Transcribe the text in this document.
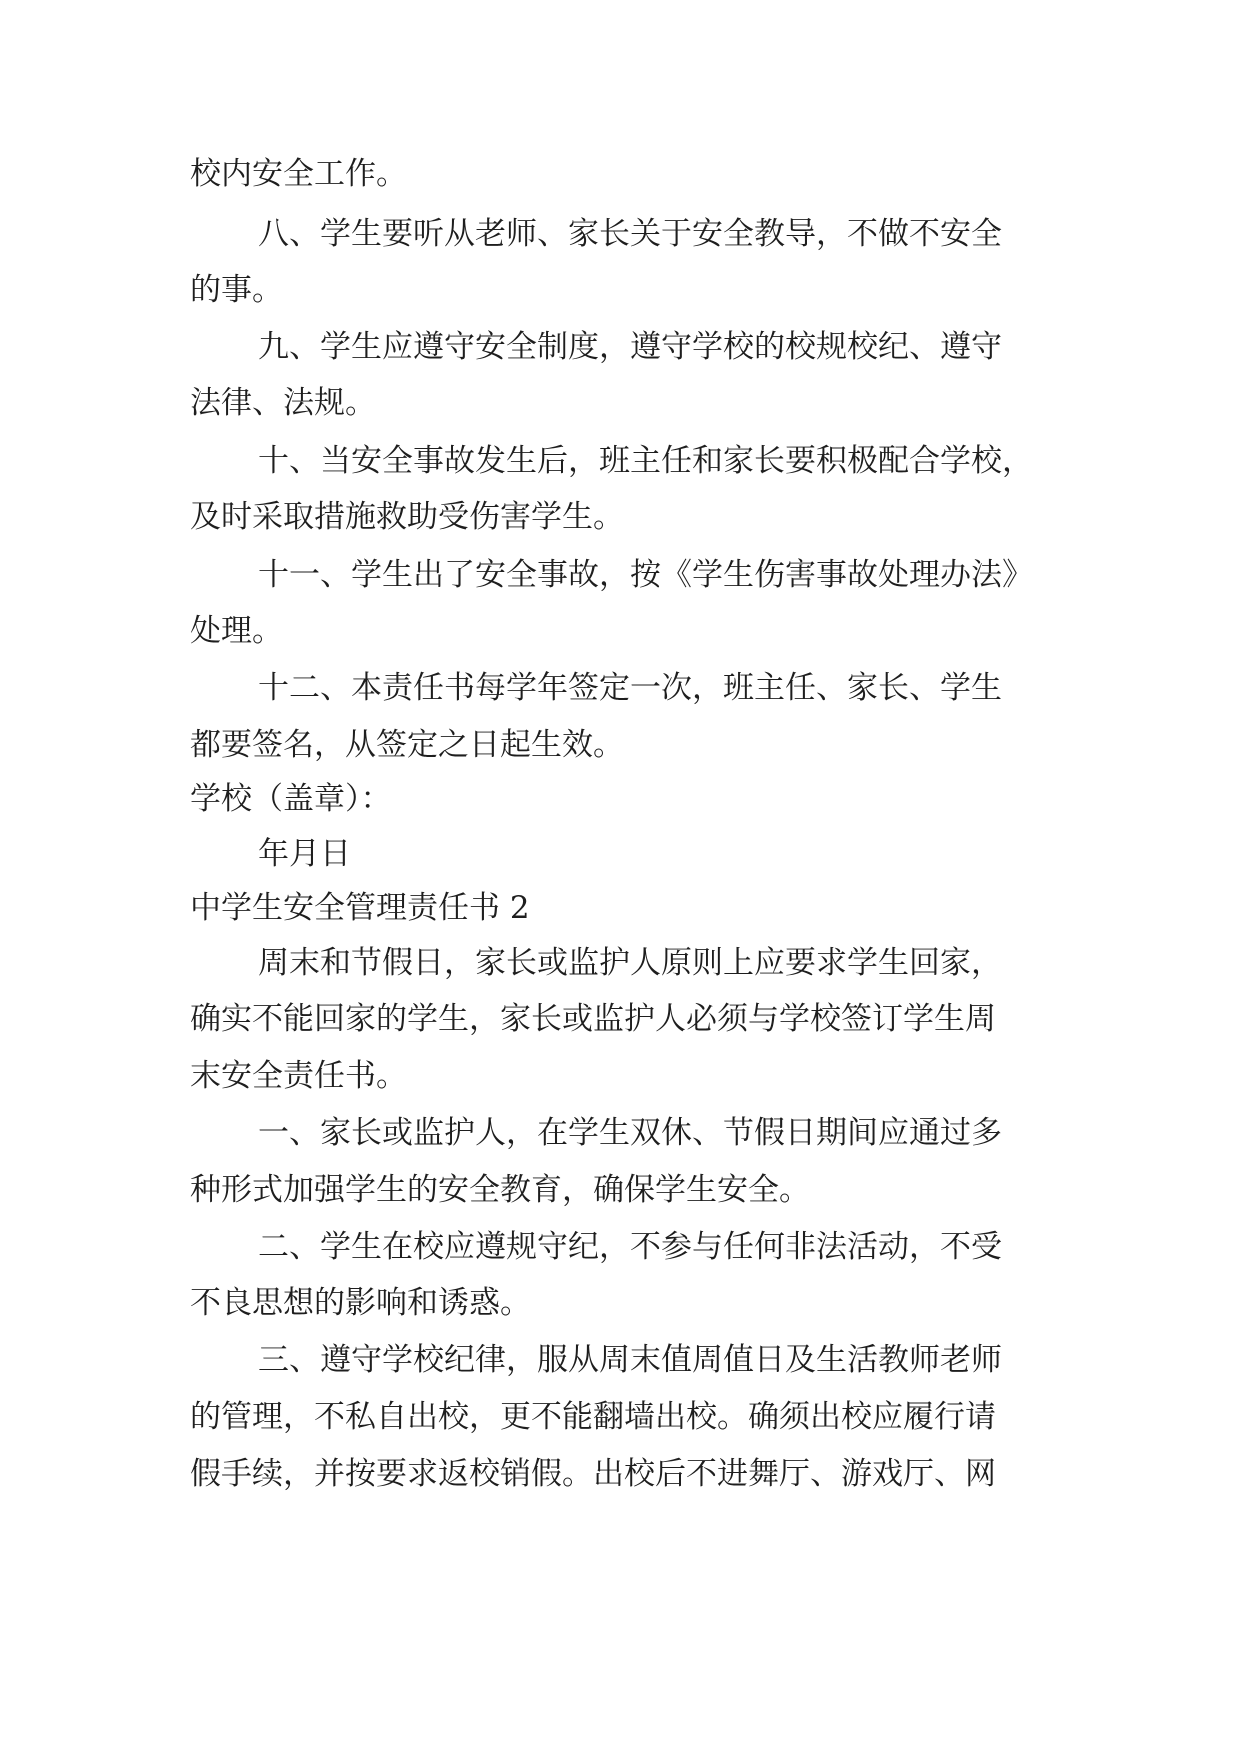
校内安全工作。
八、学生要听从老师、家长关于安全教导，不做不安全
的事。
九、学生应遵守安全制度，遵守学校的校规校纪、遵守
法律、法规。
十、当安全事故发生后，班主任和家长要积极配合学校，
及时采取措施救助受伤害学生。
十一、学生出了安全事故，按《学生伤害事故处理办法》
处理。
十二、本责任书每学年签定一次，班主任、家长、学生
都要签名，从签定之日起生效。
学校（盖章）：
年月日
中学生安全管理责任书 2
周末和节假日，家长或监护人原则上应要求学生回家，
确实不能回家的学生，家长或监护人必须与学校签订学生周
末安全责任书。
一、家长或监护人，在学生双休、节假日期间应通过多
种形式加强学生的安全教育，确保学生安全。
二、学生在校应遵规守纪，不参与任何非法活动，不受
不良思想的影响和诱惑。
三、遵守学校纪律，服从周末值周值日及生活教师老师
的管理，不私自出校，更不能翻墙出校。确须出校应履行请
假手续，并按要求返校销假。出校后不进舞厅、游戏厅、网
